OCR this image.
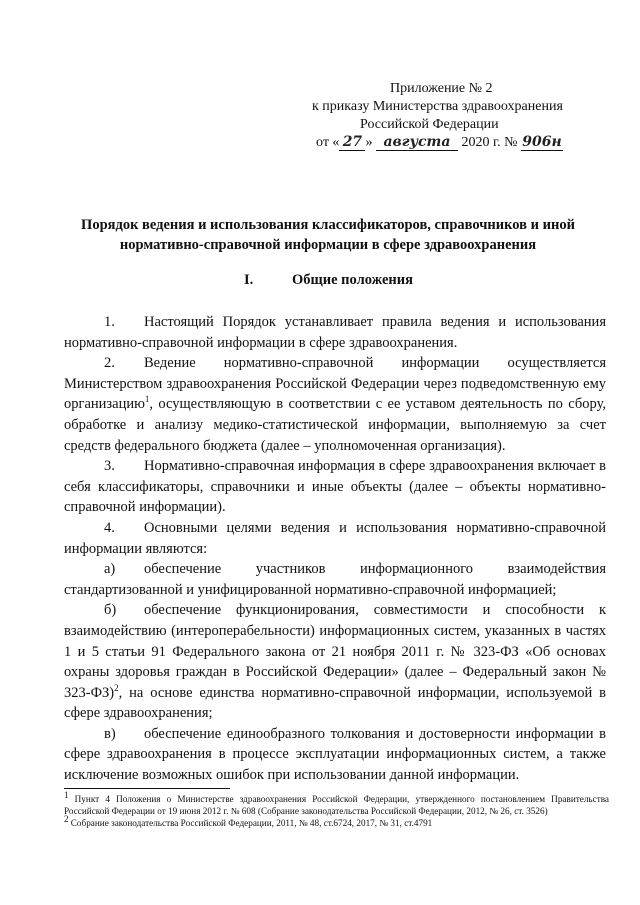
Приложение № 2
к приказу Министерства здравоохранения
Российской Федерации
от « 27 » августа 2020 г. № 906н
Порядок ведения и использования классификаторов, справочников и иной нормативно-справочной информации в сфере здравоохранения
I.	Общие положения

1. Настоящий Порядок устанавливает правила ведения и использования нормативно-справочной информации в сфере здравоохранения.

2. Ведение нормативно-справочной информации осуществляется Министерством здравоохранения Российской Федерации через подведомственную ему организацию$^1$, осуществляющую в соответствии с ее уставом деятельность по сбору, обработке и анализу медико-статистической информации, выполняемую за счет средств федерального бюджета (далее – уполномоченная организация).

3. Нормативно-справочная информация в сфере здравоохранения включает в себя классификаторы, справочники и иные объекты (далее – объекты нормативно-справочной информации).

4. Основными целями ведения и использования нормативно-справочной информации являются:

а) обеспечение участников информационного взаимодействия стандартизованной и унифицированной нормативно-справочной информацией;

б) обеспечение функционирования, совместимости и способности к взаимодействию (интероперабельности) информационных систем, указанных в частях 1 и 5 статьи 91 Федерального закона от 21 ноября 2011 г. № 323-ФЗ «Об основах охраны здоровья граждан в Российской Федерации» (далее – Федеральный закон № 323-ФЗ)$^2$, на основе единства нормативно-справочной информации, используемой в сфере здравоохранения;

в) обеспечение единообразного толкования и достоверности информации в сфере здравоохранения в процессе эксплуатации информационных систем, а также исключение возможных ошибок при использовании данной информации.

$^1$ Пункт 4 Положения о Министерстве здравоохранения Российской Федерации, утвержденного постановлением Правительства Российской Федерации от 19 июня 2012 г. № 608 (Собрание законодательства Российской Федерации, 2012, № 26, ст. 3526)

$^2$ Собрание законодательства Российской Федерации, 2011, № 48, ст.6724, 2017, № 31, ст.4791
